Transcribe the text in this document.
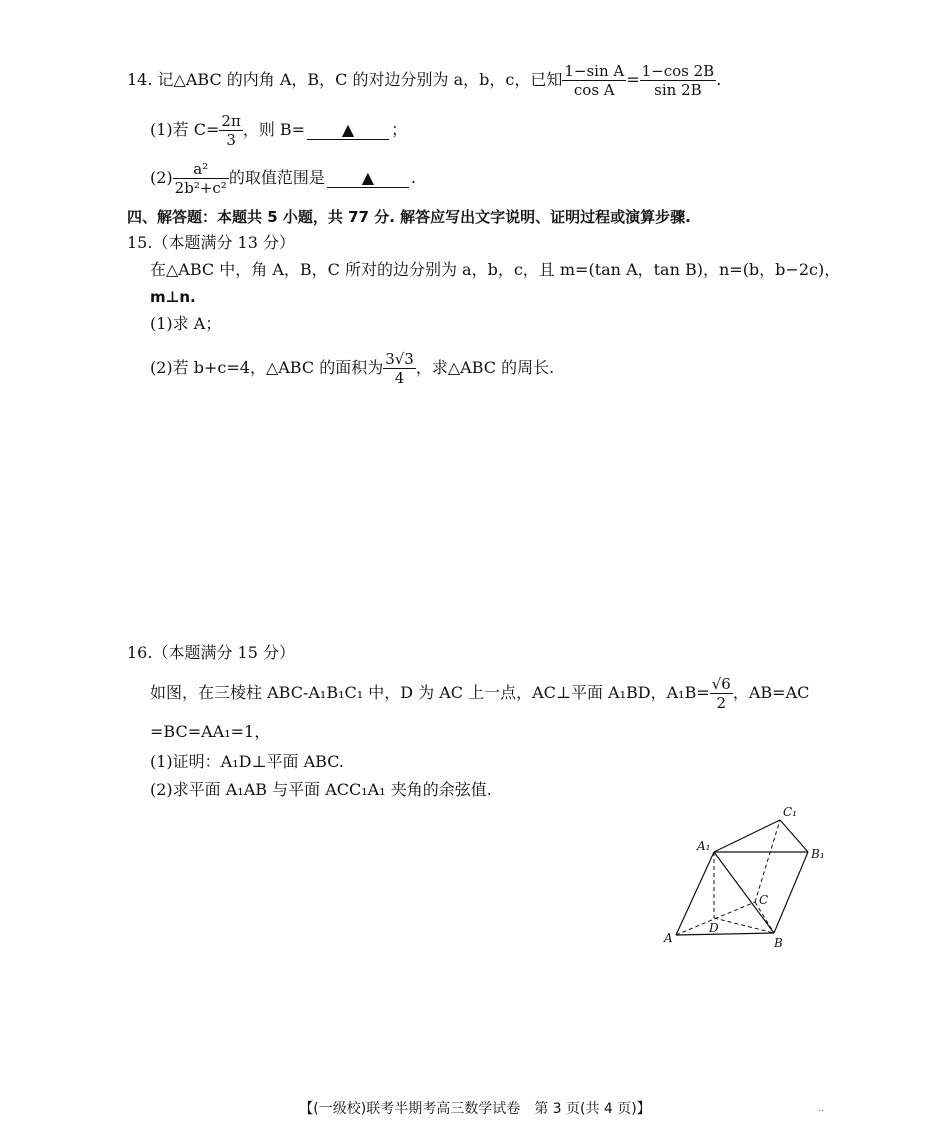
14. 记△ABC 的内角 A，B，C 的对边分别为 a，b，c，已知 $\frac{\text{1−sin A}}{\text{cos A}} = \frac{1-\cos 2B}{\sin 2B}$ .
(1)若 $C= \frac{2\pi}{3}$ ，则 B= ▲ ；
$(2) \frac{\text{a²}}{\text{2b²+c²}}$ 的取值范围是 ▲ .
四、解答题：本题共 5 小题，共 77 分. 解答应写出文字说明、证明过程或演算步骤.
15.（本题满分 13 分）
在△ABC 中，角 A，B，C 所对的边分别为 a，b，c，且 m=(tan A，tan B)，n=(b，b−2c)，
m⊥n.
(1)求 A；
(2)若 b+c=4，△ABC 的面积为 $\frac{3√3}{4}$ ，求△ABC 的周长.
16.（本题满分 15 分）
如图，在三棱柱 ABC-A₁B₁C₁ 中，D 为 AC 上一点，AC⊥平面 A₁BD，$A_1B= \frac{√6}{2}$ ，AB=AC
=BC=AA₁=1，
(1)证明：A₁D⊥平面 ABC.
(2)求平面 A₁AB 与平面 ACC₁A₁ 夹角的余弦值.
A	B
C
D
A₁
B₁
C₁
【(一级校)联考半期考高三数学试卷　第 3 页(共 4 页)】	··
